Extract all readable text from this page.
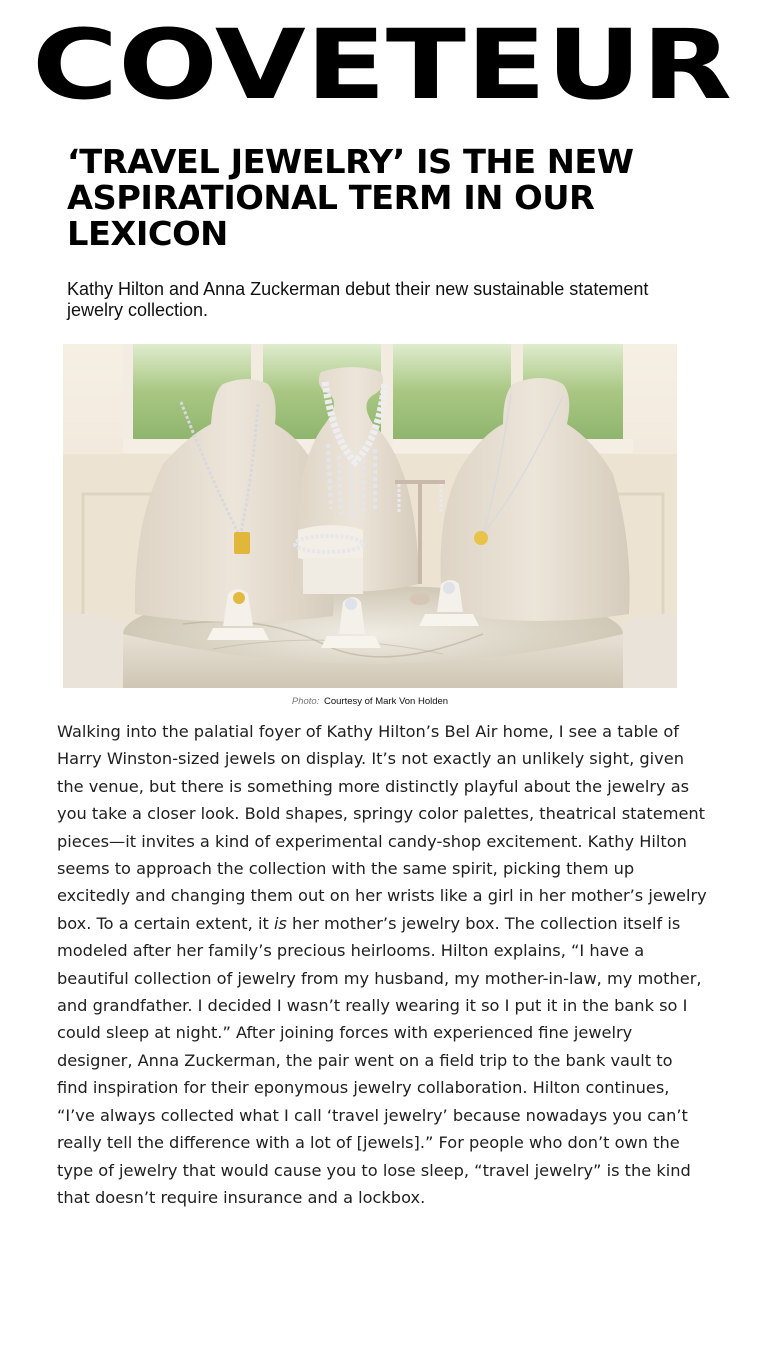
COVETEUR
‘TRAVEL JEWELRY’ IS THE NEW ASPIRATIONAL TERM IN OUR LEXICON

Kathy Hilton and Anna Zuckerman debut their new sustainable statement jewelry collection.

Photo: Courtesy of Mark Von Holden

Walking into the palatial foyer of Kathy Hilton’s Bel Air home, I see a table of Harry Winston-sized jewels on display. It’s not exactly an unlikely sight, given the venue, but there is something more distinctly playful about the jewelry as you take a closer look. Bold shapes, springy color palettes, theatrical statement pieces—it invites a kind of experimental candy-shop excitement. Kathy Hilton seems to approach the collection with the same spirit, picking them up excitedly and changing them out on her wrists like a girl in her mother’s jewelry box. To a certain extent, it is her mother’s jewelry box. The collection itself is modeled after her family’s precious heirlooms. Hilton explains, “I have a beautiful collection of jewelry from my husband, my mother-in-law, my mother, and grandfather. I decided I wasn’t really wearing it so I put it in the bank so I could sleep at night.” After joining forces with experienced fine jewelry designer, Anna Zuckerman, the pair went on a field trip to the bank vault to find inspiration for their eponymous jewelry collaboration. Hilton continues, “I’ve always collected what I call ‘travel jewelry’ because nowadays you can’t really tell the difference with a lot of [jewels].” For people who don’t own the type of jewelry that would cause you to lose sleep, “travel jewelry” is the kind that doesn’t require insurance and a lockbox.
